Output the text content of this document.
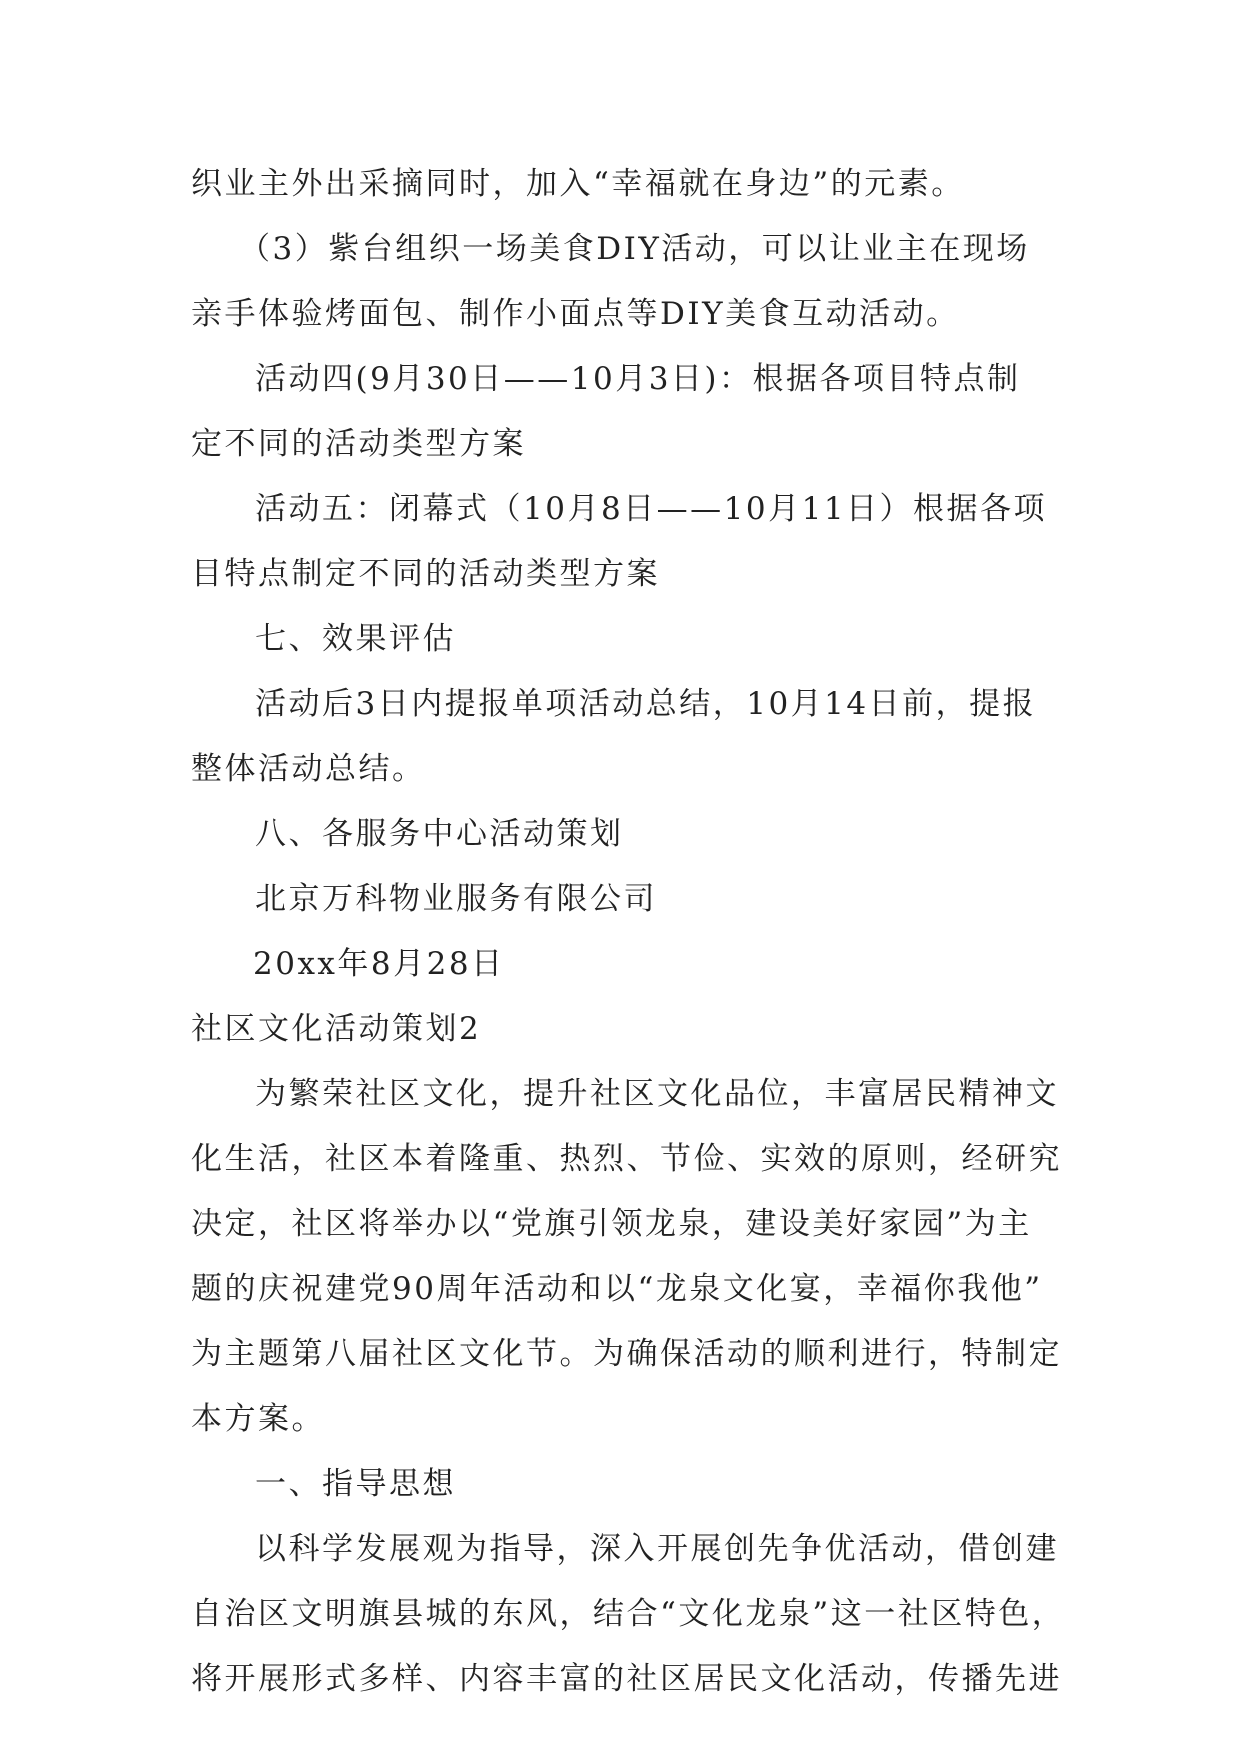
织业主外出采摘同时，加入“幸福就在身边”的元素。
（3）紫台组织一场美食DIY活动，可以让业主在现场
亲手体验烤面包、制作小面点等DIY美食互动活动。
活动四(9月30日——10月3日)：根据各项目特点制
定不同的活动类型方案
活动五：闭幕式（10月8日——10月11日）根据各项
目特点制定不同的活动类型方案
七、效果评估
活动后3日内提报单项活动总结，10月14日前，提报
整体活动总结。
八、各服务中心活动策划
北京万科物业服务有限公司
20xx年8月28日
社区文化活动策划2
为繁荣社区文化，提升社区文化品位，丰富居民精神文
化生活，社区本着隆重、热烈、节俭、实效的原则，经研究
决定，社区将举办以“党旗引领龙泉，建设美好家园”为主
题的庆祝建党90周年活动和以“龙泉文化宴，幸福你我他”
为主题第八届社区文化节。为确保活动的顺利进行，特制定
本方案。
一、指导思想
以科学发展观为指导，深入开展创先争优活动，借创建
自治区文明旗县城的东风，结合“文化龙泉”这一社区特色，
将开展形式多样、内容丰富的社区居民文化活动，传播先进
